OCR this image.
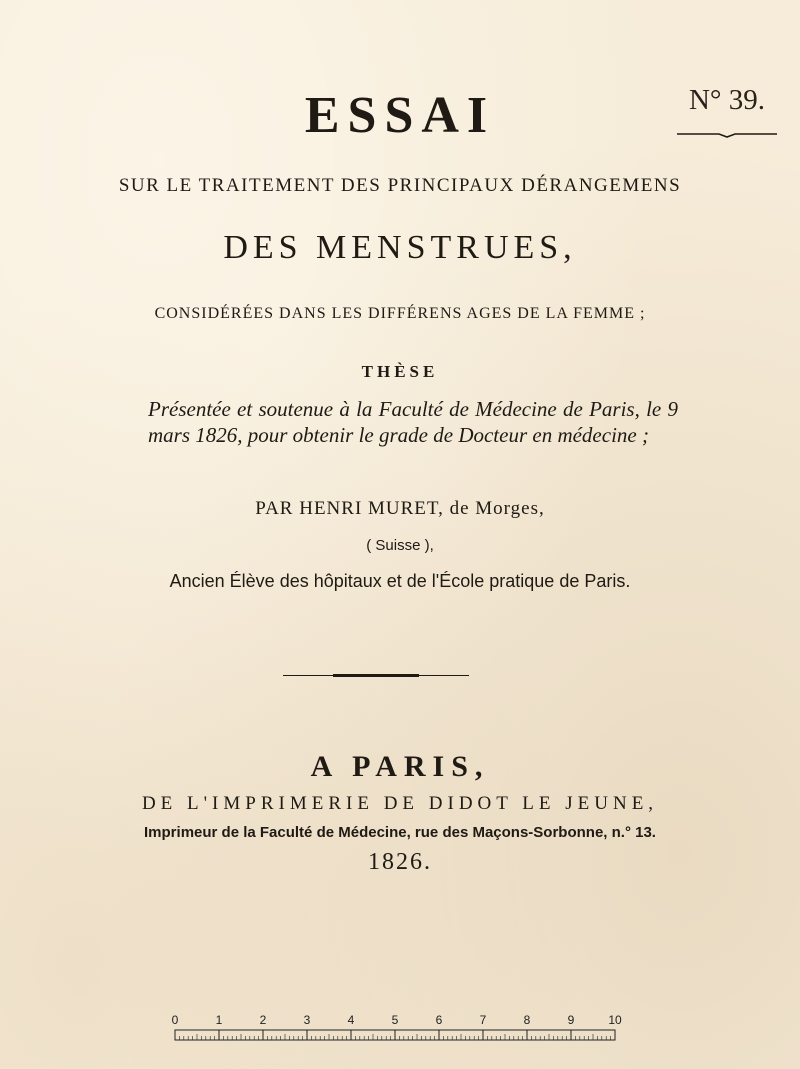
N° 39.
ESSAI
SUR LE TRAITEMENT DES PRINCIPAUX DÉRANGEMENS
DES MENSTRUES,
CONSIDÉRÉES DANS LES DIFFÉRENS AGES DE LA FEMME ;
THÈSE
Présentée et soutenue à la Faculté de Médecine de Paris, le 9 mars 1826, pour obtenir le grade de Docteur en médecine ;
PAR HENRI MURET, de Morges,
( Suisse ),
Ancien Élève des hôpitaux et de l'École pratique de Paris.
A PARIS,
DE L'IMPRIMERIE DE DIDOT LE JEUNE,
Imprimeur de la Faculté de Médecine, rue des Maçons-Sorbonne, n.° 13.
1826.
0	1	2	3	4	5	6	7	8	9	10
